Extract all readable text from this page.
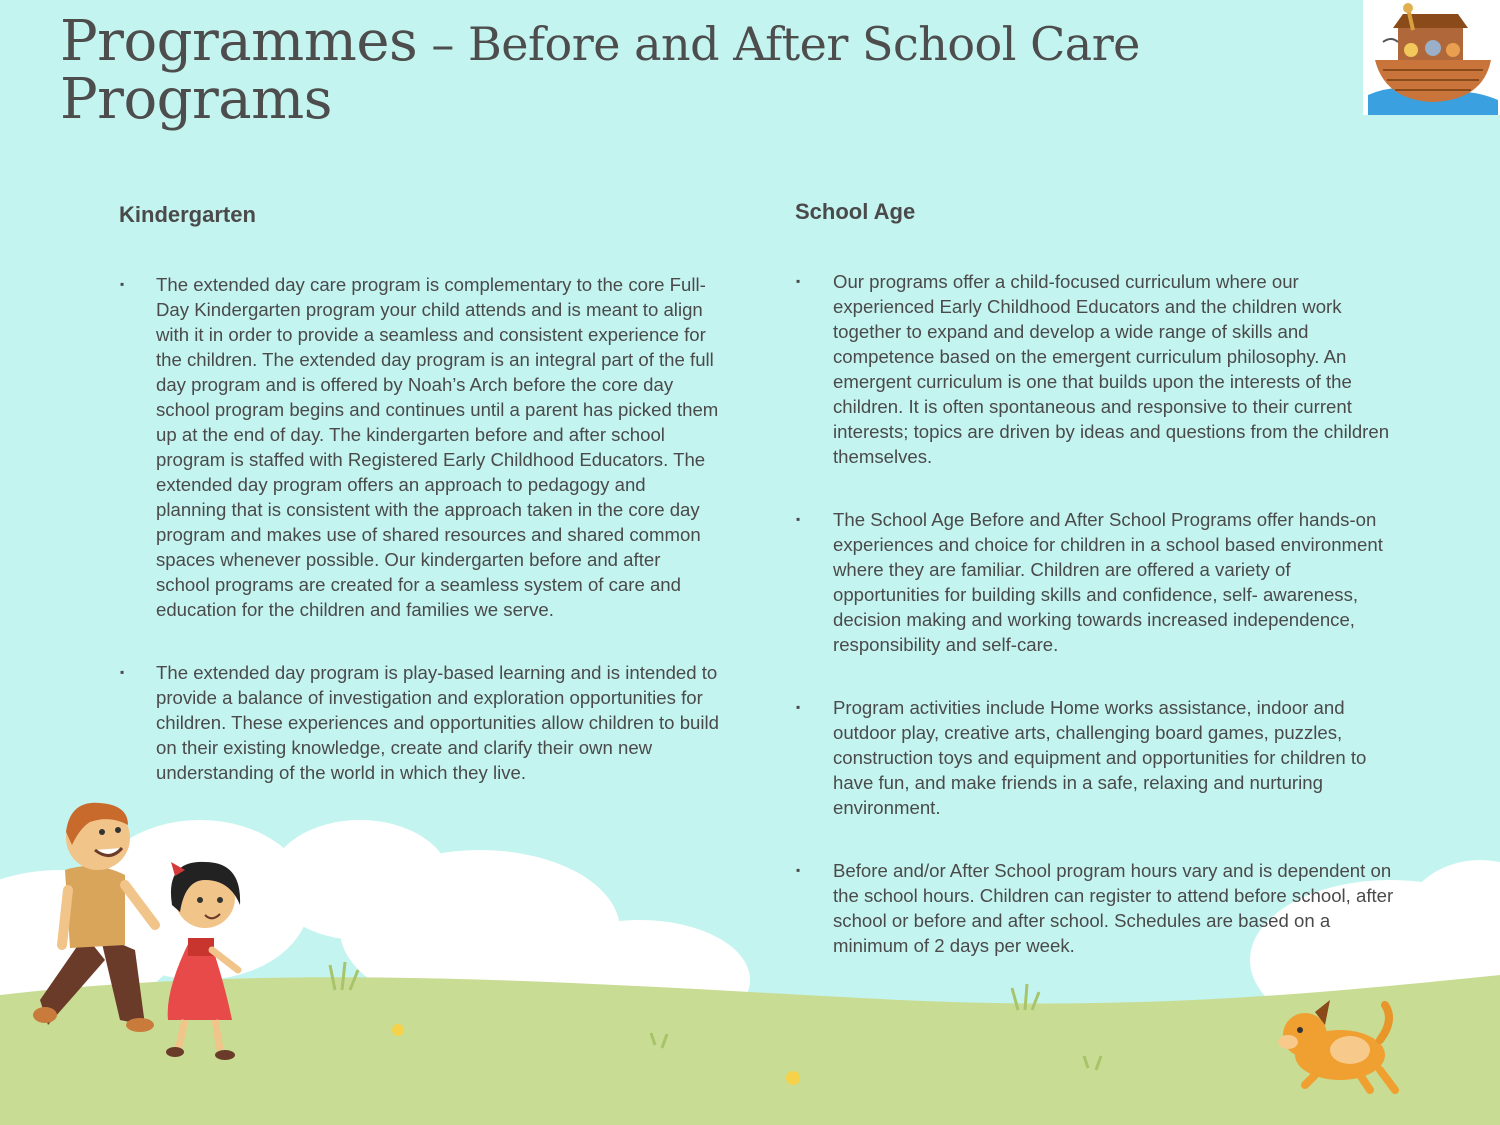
Programmes – Before and After School Care
Programs
Kindergarten
▪ The extended day care program is complementary to the core Full-Day Kindergarten program your child attends and is meant to align with it in order to provide a seamless and consistent experience for the children. The extended day program is an integral part of the full day program and is offered by Noah’s Arch before the core day school program begins and continues until a parent has picked them up at the end of day. The kindergarten before and after school program is staffed with Registered Early Childhood Educators. The extended day program offers an approach to pedagogy and planning that is consistent with the approach taken in the core day program and makes use of shared resources and shared common spaces whenever possible. Our kindergarten before and after school programs are created for a seamless system of care and education for the children and families we serve.
▪ The extended day program is play-based learning and is intended to provide a balance of investigation and exploration opportunities for children. These experiences and opportunities allow children to build on their existing knowledge, create and clarify their own new understanding of the world in which they live.
School Age
▪ Our programs offer a child-focused curriculum where our experienced Early Childhood Educators and the children work together to expand and develop a wide range of skills and competence based on the emergent curriculum philosophy. An emergent curriculum is one that builds upon the interests of the children. It is often spontaneous and responsive to their current interests; topics are driven by ideas and questions from the children themselves.
▪ The School Age Before and After School Programs offer hands-on experiences and choice for children in a school based environment where they are familiar. Children are offered a variety of opportunities for building skills and confidence, self- awareness, decision making and working towards increased independence, responsibility and self-care.
▪ Program activities include Home works assistance, indoor and outdoor play, creative arts, challenging board games, puzzles, construction toys and equipment and opportunities for children to have fun, and make friends in a safe, relaxing and nurturing environment.
▪ Before and/or After School program hours vary and is dependent on the school hours. Children can register to attend before school, after school or before and after school. Schedules are based on a minimum of 2 days per week.
